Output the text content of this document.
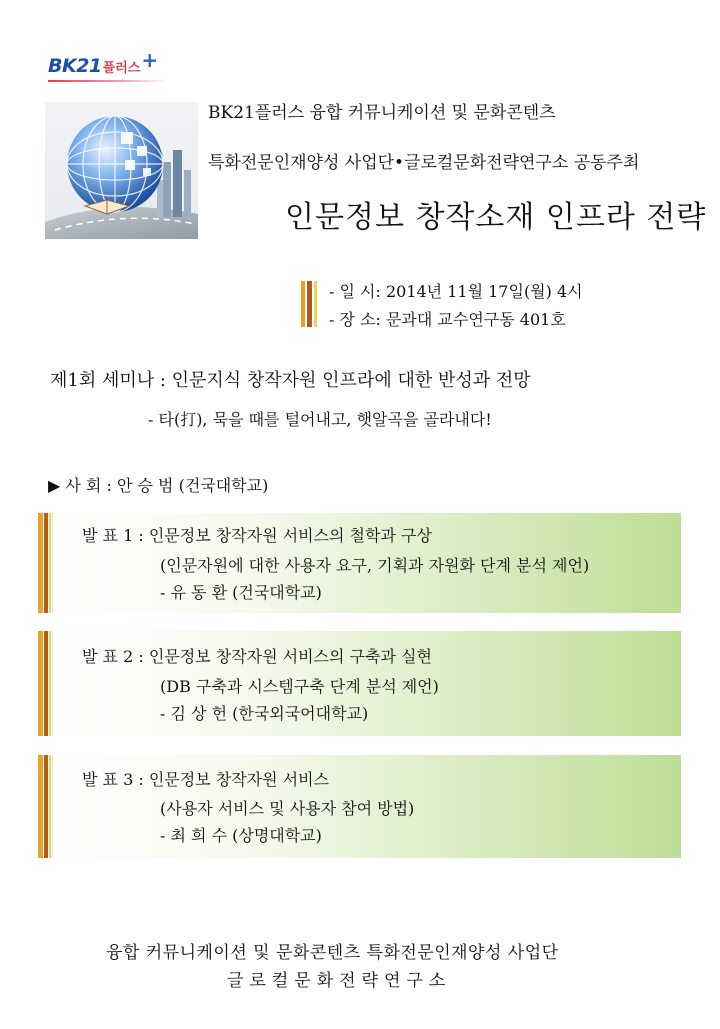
BK21 플러스 +
BK21플러스 융합 커뮤니케이션 및 문화콘텐츠
특화전문인재양성 사업단•글로컬문화전략연구소 공동주최
인문정보 창작소재 인프라 전략
- 일 시: 2014년 11월 17일(월) 4시
- 장 소: 문과대 교수연구동 401호
제1회 세미나 : 인문지식 창작자원 인프라에 대한 반성과 전망
- 타(打), 묵을 때를 털어내고, 햇알곡을 골라내다!
▶ 사 회 : 안 승 범 (건국대학교)
발 표 1 : 인문정보 창작자원 서비스의 철학과 구상
(인문자원에 대한 사용자 요구, 기획과 자원화 단계 분석 제언)
- 유 동 환 (건국대학교)
발 표 2 : 인문정보 창작자원 서비스의 구축과 실현
(DB 구축과 시스템구축 단계 분석 제언)
- 김 상 헌 (한국외국어대학교)
발 표 3 : 인문정보 창작자원 서비스
(사용자 서비스 및 사용자 참여 방법)
- 최 희 수 (상명대학교)
융합 커뮤니케이션 및 문화콘텐츠 특화전문인재양성 사업단
글로컬문화전략연구소
